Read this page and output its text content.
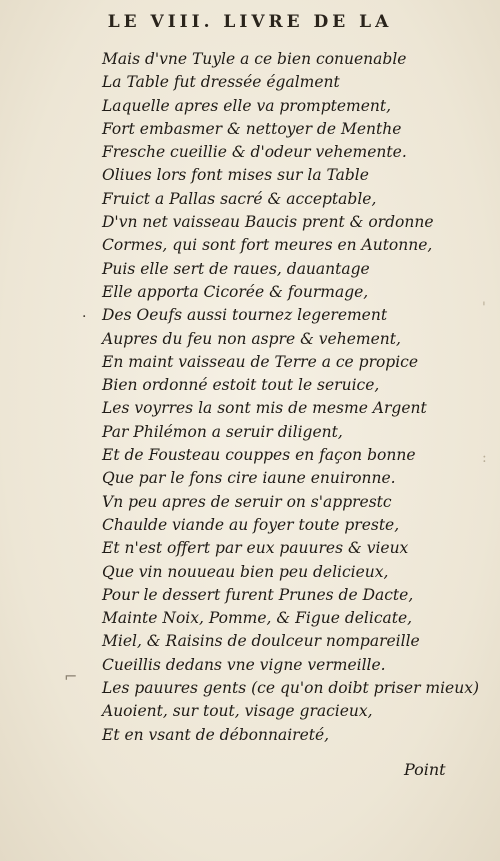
LE VIII. LIVRE DE LA
·
Mais d'vne Tuyle a ce bien conuenable
La Table fut dressée égalment
Laquelle apres elle va promptement,
Fort embasmer & nettoyer de Menthe
Fresche cueillie & d'odeur vehemente.
Oliues lors font mises sur la Table
Fruict a Pallas sacré & acceptable,
D'vn net vaisseau Baucis prent & ordonne
Cormes, qui sont fort meures en Autonne,
Puis elle sert de raues, dauantage
Elle apporta Cicorée & fourmage,
Des Oeufs aussi tournez legerement
Aupres du feu non aspre & vehement,
En maint vaisseau de Terre a ce propice
Bien ordonné estoit tout le seruice,
Les voyrres la sont mis de mesme Argent
Par Philémon a seruir diligent,
Et de Fousteau couppes en façon bonne
Que par le fons cire iaune enuironne.
Vn peu apres de seruir on s'apprestc
Chaulde viande au foyer toute preste,
Et n'est offert par eux pauures & vieux
Que vin nouueau bien peu delicieux,
Pour le dessert furent Prunes de Dacte,
Mainte Noix, Pomme, & Figue delicate,
Miel, & Raisins de doulceur nompareille
Cueillis dedans vne vigne vermeille.
Les pauures gents (ce qu'on doibt priser mieux)
Auoient, sur tout, visage gracieux,
Et en vsant de débonnaireté,
'
:
⌐
Point
